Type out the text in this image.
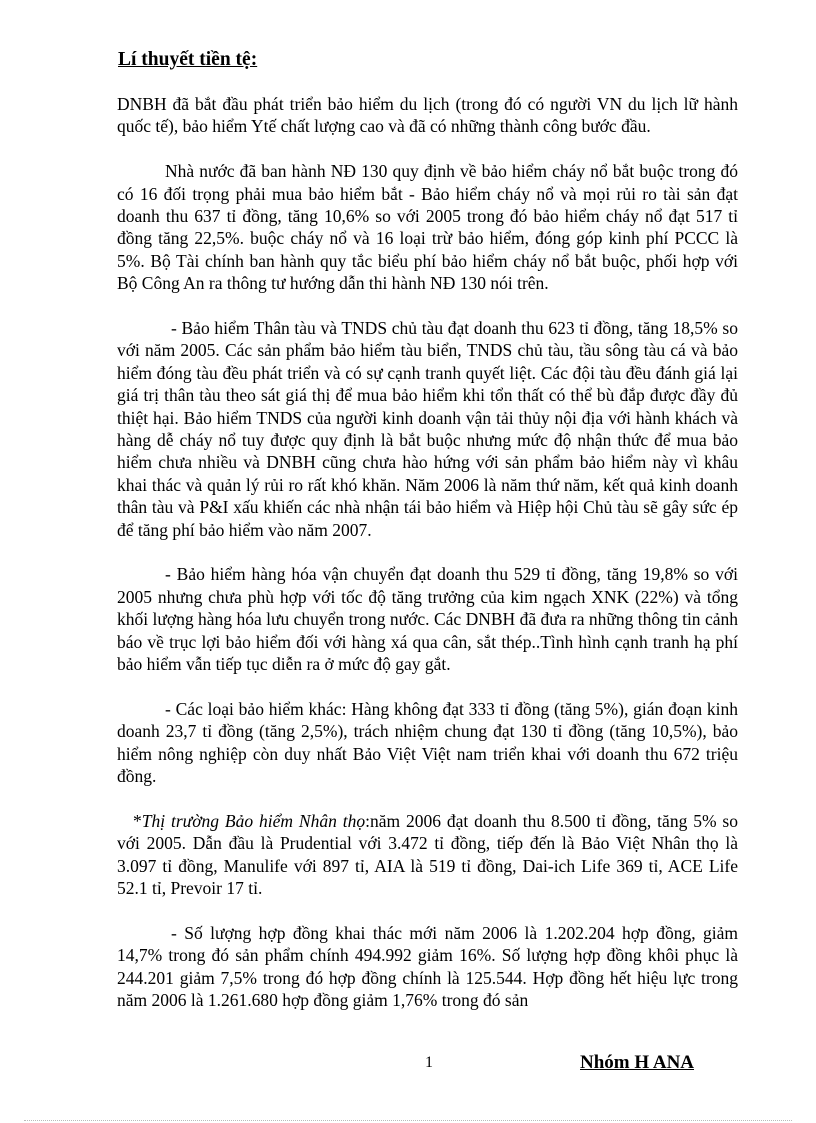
Lí thuyết tiền tệ:

DNBH đã bắt đầu phát triển bảo hiểm du lịch (trong đó có người VN du lịch lữ hành quốc tế), bảo hiểm Ytế chất lượng cao và đã có những thành công bước đầu.

Nhà nước đã ban hành NĐ 130 quy định về bảo hiểm cháy nổ bắt buộc trong đó có 16 đối trọng phải mua bảo hiểm bắt - Bảo hiểm cháy nổ và mọi rủi ro tài sản đạt doanh thu 637 tỉ đồng, tăng 10,6% so với 2005 trong đó bảo hiểm cháy nổ đạt 517 tỉ đồng tăng 22,5%. buộc cháy nổ và 16 loại trừ bảo hiểm, đóng góp kinh phí PCCC là 5%. Bộ Tài chính ban hành quy tắc biểu phí bảo hiểm cháy nổ bắt buộc, phối hợp với Bộ Công An ra thông tư hướng dẫn thi hành NĐ 130 nói trên.

- Bảo hiểm Thân tàu và TNDS chủ tàu đạt doanh thu 623 tỉ đồng, tăng 18,5% so với năm 2005. Các sản phẩm bảo hiểm tàu biển, TNDS chủ tàu, tầu sông tàu cá và bảo hiểm đóng tàu đều phát triển và có sự cạnh tranh quyết liệt. Các đội tàu đều đánh giá lại giá trị thân tàu theo sát giá thị để mua bảo hiểm khi tổn thất có thể bù đắp được đầy đủ thiệt hại. Bảo hiểm TNDS của người kinh doanh vận tải thủy nội địa với hành khách và hàng dễ cháy nổ tuy được quy định là bắt buộc nhưng mức độ nhận thức để mua bảo hiểm chưa nhiều và DNBH cũng chưa hào hứng với sản phẩm bảo hiểm này vì khâu khai thác và quản lý rủi ro rất khó khăn. Năm 2006 là năm thứ năm, kết quả kinh doanh thân tàu và P&I xấu khiến các nhà nhận tái bảo hiểm và Hiệp hội Chủ tàu sẽ gây sức ép để tăng phí bảo hiểm vào năm 2007.

- Bảo hiểm hàng hóa vận chuyển đạt doanh thu 529 tỉ đồng, tăng 19,8% so với 2005 nhưng chưa phù hợp với tốc độ tăng trưởng của kim ngạch XNK (22%) và tổng khối lượng hàng hóa lưu chuyển trong nước. Các DNBH đã đưa ra những thông tin cảnh báo về trục lợi bảo hiểm đối với hàng xá qua cân, sắt thép..Tình hình cạnh tranh hạ phí bảo hiểm vẫn tiếp tục diễn ra ở mức độ gay gắt.

- Các loại bảo hiểm khác: Hàng không đạt 333 tỉ đồng (tăng 5%), gián đoạn kinh doanh 23,7 tỉ đồng (tăng 2,5%), trách nhiệm chung đạt 130 tỉ đồng (tăng 10,5%), bảo hiểm nông nghiệp còn duy nhất Bảo Việt Việt nam triển khai với doanh thu 672 triệu đồng.

*Thị trường Bảo hiểm Nhân thọ:năm 2006 đạt doanh thu 8.500 tỉ đồng, tăng 5% so với 2005. Dẫn đầu là Prudential với 3.472 tỉ đồng, tiếp đến là Bảo Việt Nhân thọ là 3.097 tỉ đồng, Manulife với 897 tỉ, AIA là 519 tỉ đồng, Dai-ich Life 369 tỉ, ACE Life 52.1 tỉ, Prevoir 17 tỉ.

- Số lượng hợp đồng khai thác mới năm 2006 là 1.202.204 hợp đồng, giảm 14,7% trong đó sản phẩm chính 494.992 giảm 16%. Số lượng hợp đồng khôi phục là 244.201 giảm 7,5% trong đó hợp đồng chính là 125.544. Hợp đồng hết hiệu lực trong năm 2006 là 1.261.680 hợp đồng giảm 1,76% trong đó sản

1	Nhóm H ANA
